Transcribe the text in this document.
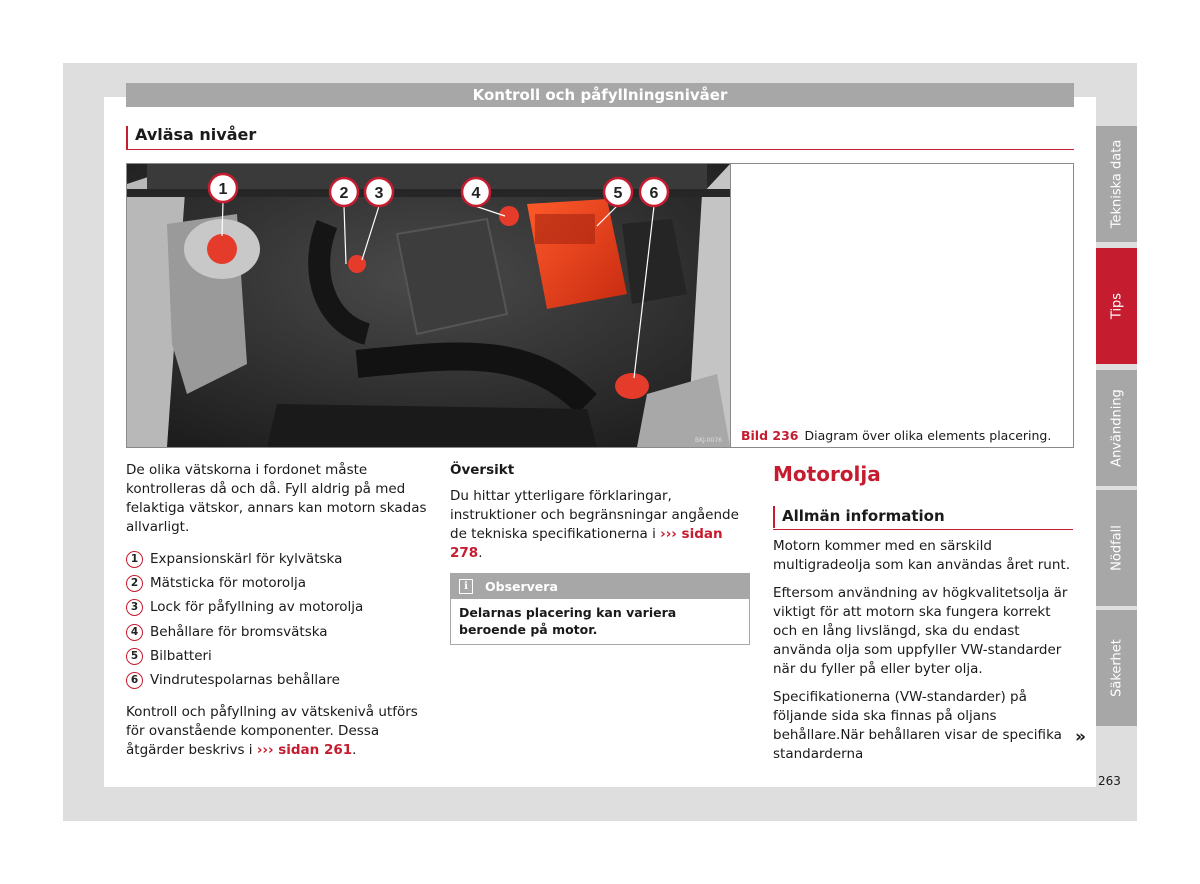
Kontroll och påfyllningsnivåer
Avläsa nivåer
1	2 3	4	5 6
BKJ-0076 Bild 236 Diagram över olika elements placering.

De olika vätskorna i fordonet måste kontrolleras då och då. Fyll aldrig på med felaktiga vätskor, annars kan motorn skadas allvarligt.

1 Expansionskärl för kylvätska
2 Mätsticka för motorolja
3 Lock för påfyllning av motorolja
4 Behållare för bromsvätska
5 Bilbatteri
6 Vindrutespolarnas behållare

Kontroll och påfyllning av vätskenivå utförs för ovanstående komponenter. Dessa åtgärder beskrivs i ››› sidan 261.

Översikt

Du hittar ytterligare förklaringar, instruktioner och begränsningar angående de tekniska specifikationerna i ››› sidan 278.

i	Observera
Delarnas placering kan variera beroende på motor.
Motorolja
Allmän information

Motorn kommer med en särskild multigradeolja som kan användas året runt.

Eftersom användning av högkvalitetsolja är viktigt för att motorn ska fungera korrekt och en lång livslängd, ska du endast använda olja som uppfyller VW-standarder när du fyller på eller byter olja.

Specifikationerna (VW-standarder) på följande sida ska finnas på oljans behållare.När behållaren visar de specifika standarderna

»
Tekniska data
Tips
Användning
Nödfall
Säkerhet
263
